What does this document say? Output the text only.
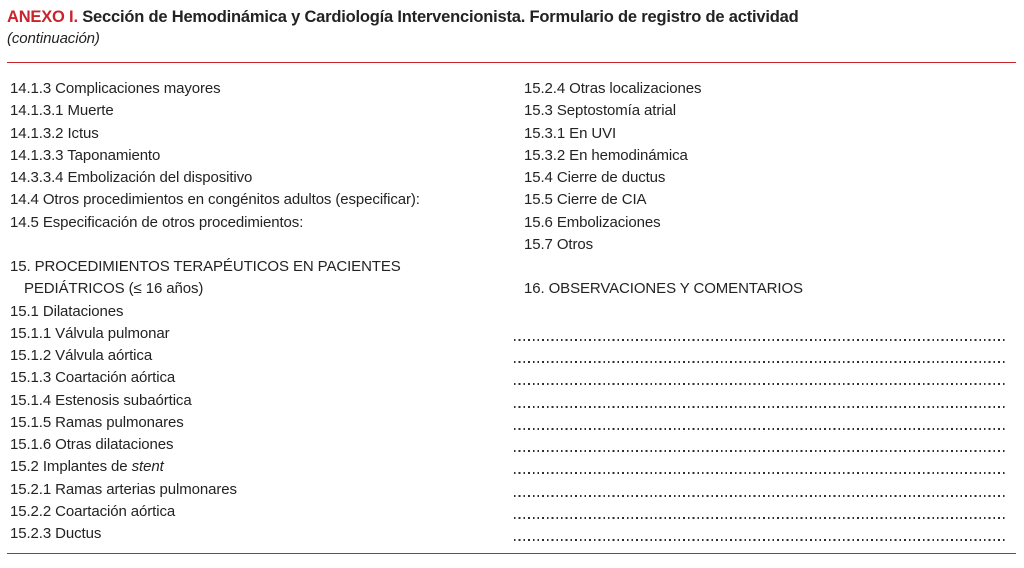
ANEXO I. Sección de Hemodinámica y Cardiología Intervencionista. Formulario de registro de actividad
(continuación)
14.1.3 Complicaciones mayores
14.1.3.1 Muerte
14.1.3.2 Ictus
14.1.3.3 Taponamiento
14.3.3.4 Embolización del dispositivo
14.4 Otros procedimientos en congénitos adultos (especificar):
14.5 Especificación de otros procedimientos:
15. PROCEDIMIENTOS TERAPÉUTICOS EN PACIENTES
PEDIÁTRICOS (≤ 16 años)
15.1 Dilataciones
15.1.1 Válvula pulmonar
15.1.2 Válvula aórtica
15.1.3 Coartación aórtica
15.1.4 Estenosis subaórtica
15.1.5 Ramas pulmonares
15.1.6 Otras dilataciones
15.2 Implantes de stent
15.2.1 Ramas arterias pulmonares
15.2.2 Coartación aórtica
15.2.3 Ductus
15.2.4 Otras localizaciones
15.3 Septostomía atrial
15.3.1 En UVI
15.3.2 En hemodinámica
15.4 Cierre de ductus
15.5 Cierre de CIA
15.6 Embolizaciones
15.7 Otros
16. OBSERVACIONES Y COMENTARIOS
